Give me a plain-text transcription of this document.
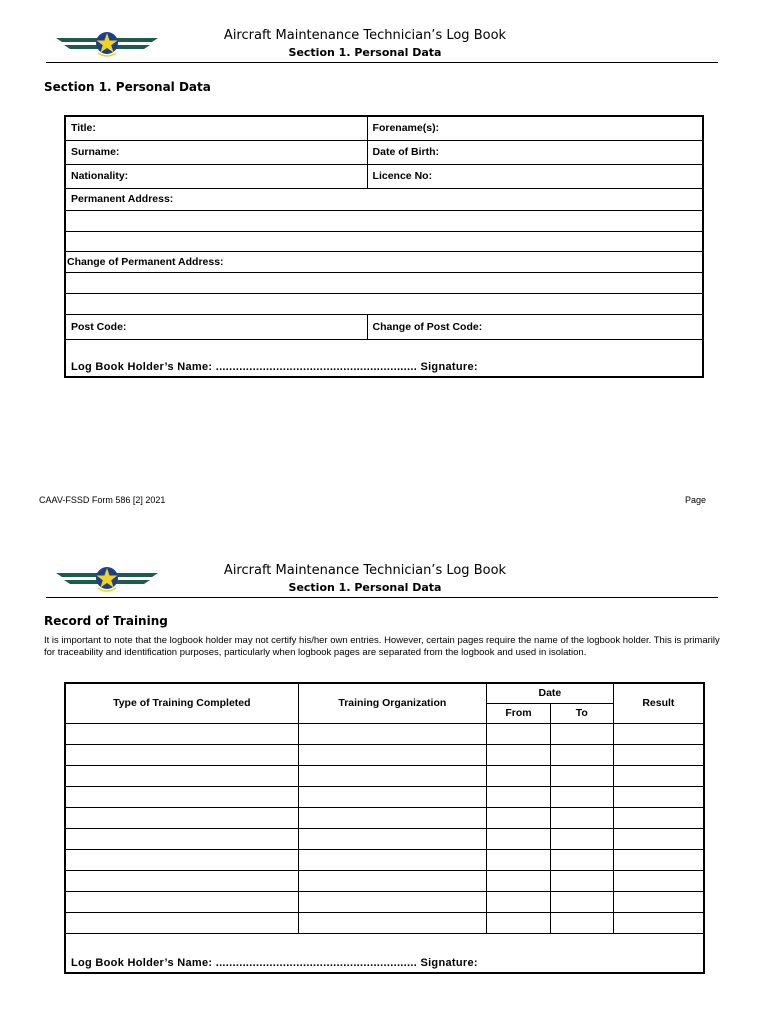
Aircraft Maintenance Technician’s Log Book
Section 1. Personal Data
Section 1. Personal Data
Title:	Forename(s):
Surname:	Date of Birth:
Nationality:	Licence No:
Permanent Address:	

Change of Permanent Address:	

Post Code:	Change of Post Code:
Log Book Holder’s Name: ............................................................ Signature:	
CAAV-FSSD Form 586 [2] 2021	Page
Aircraft Maintenance Technician’s Log Book
Section 1. Personal Data
Record of Training
It is important to note that the logbook holder may not certify his/her own entries. However, certain pages require the name of the logbook holder. This is primarily for traceability and identification purposes, particularly when logbook pages are separated from the logbook and used in isolation.
Type of Training Completed	Training Organization	Date		Result
		From	To	

Log Book Holder’s Name: ............................................................ Signature:				
